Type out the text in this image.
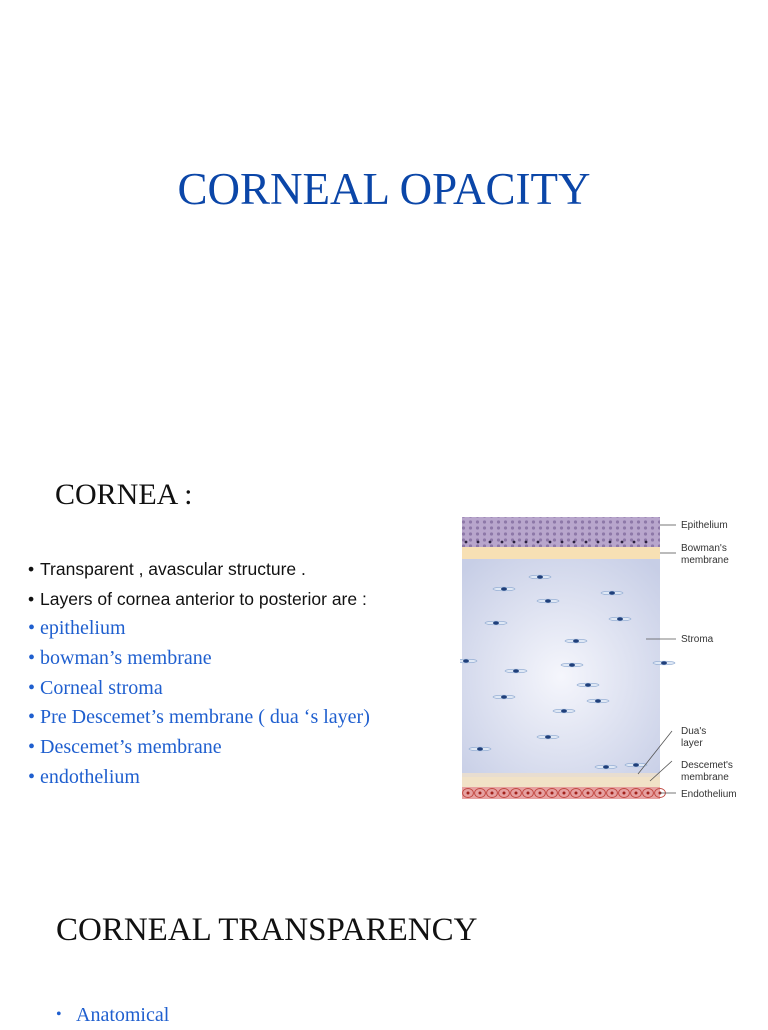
CORNEAL OPACITY
CORNEA :
• Transparent , avascular structure .
• Layers of cornea anterior to posterior are :
• epithelium
• bowman’s membrane
• Corneal stroma
• Pre Descemet’s membrane ( dua ‘s layer)
• Descemet’s membrane
• endothelium
Epithelium
Bowman's
membrane
Stroma
Dua's
layer
Descemet's
membrane
Endothelium
CORNEAL TRANSPARENCY
• Anatomical
